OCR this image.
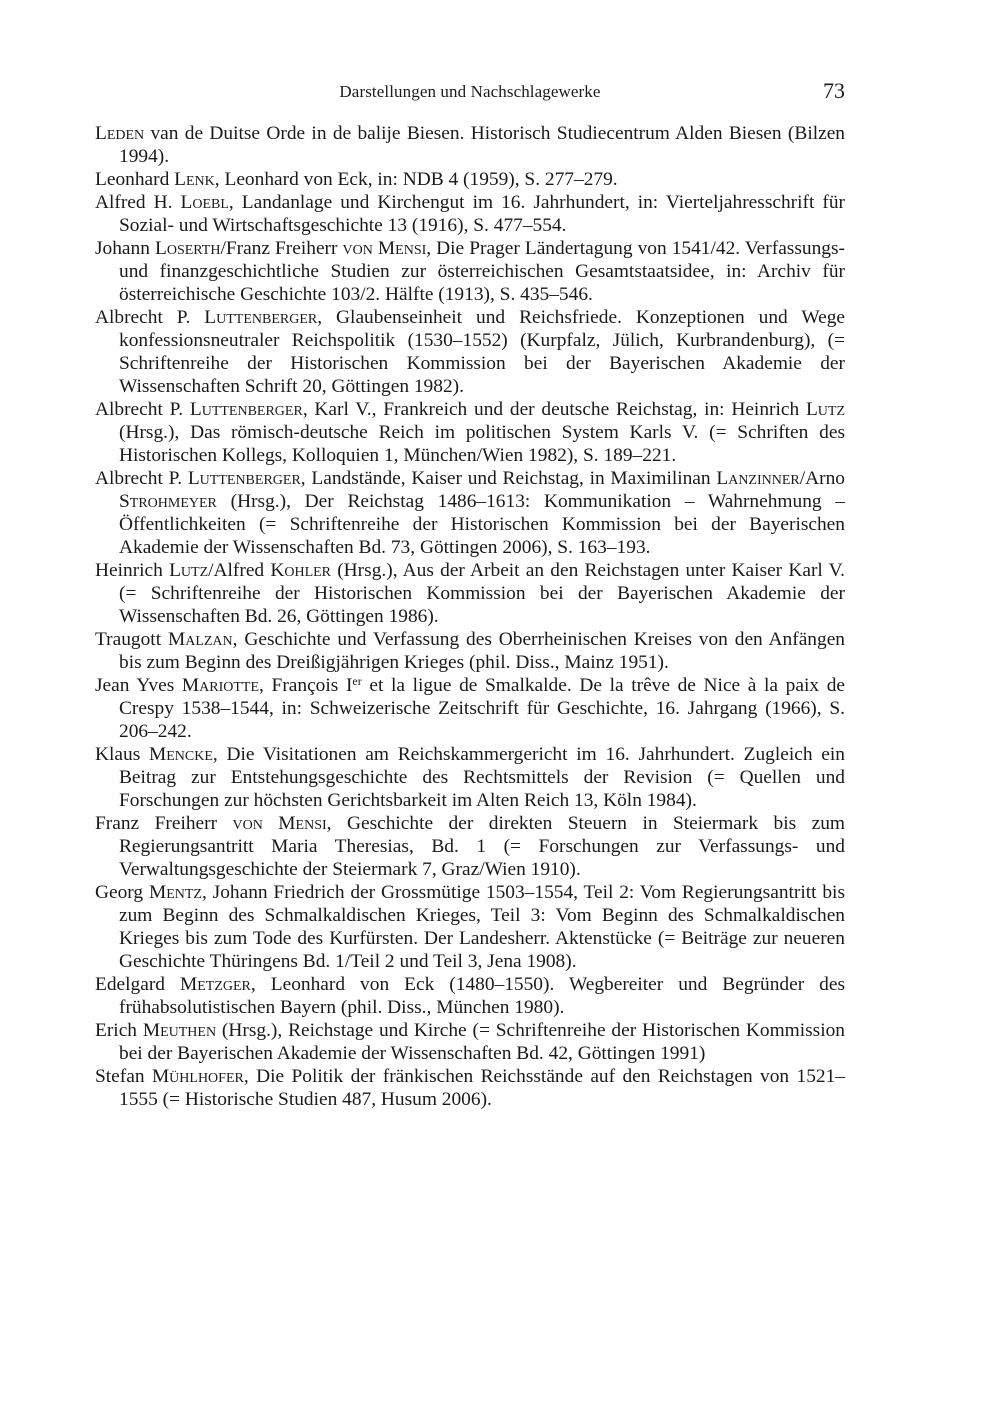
Darstellungen und Nachschlagewerke	73

Leden van de Duitse Orde in de balije Biesen. Historisch Studiecentrum Alden Biesen (Bilzen 1994).

Leonhard Lenk, Leonhard von Eck, in: NDB 4 (1959), S. 277–279.

Alfred H. Loebl, Landanlage und Kirchengut im 16. Jahrhundert, in: Vierteljahresschrift für Sozial- und Wirtschaftsgeschichte 13 (1916), S. 477–554.

Johann Loserth/Franz Freiherr von Mensi, Die Prager Ländertagung von 1541/42. Verfassungs- und finanzgeschichtliche Studien zur österreichischen Gesamtstaatsidee, in: Archiv für österreichische Geschichte 103/2. Hälfte (1913), S. 435–546.

Albrecht P. Luttenberger, Glaubenseinheit und Reichsfriede. Konzeptionen und Wege konfessionsneutraler Reichspolitik (1530–1552) (Kurpfalz, Jülich, Kurbrandenburg), (= Schriftenreihe der Historischen Kommission bei der Bayerischen Akademie der Wissenschaften Schrift 20, Göttingen 1982).

Albrecht P. Luttenberger, Karl V., Frankreich und der deutsche Reichstag, in: Heinrich Lutz (Hrsg.), Das römisch-deutsche Reich im politischen System Karls V. (= Schriften des Historischen Kollegs, Kolloquien 1, München/Wien 1982), S. 189–221.

Albrecht P. Luttenberger, Landstände, Kaiser und Reichstag, in Maximilinan Lanzinner/Arno Strohmeyer (Hrsg.), Der Reichstag 1486–1613: Kommunikation – Wahrnehmung – Öffentlichkeiten (= Schriftenreihe der Historischen Kommission bei der Bayerischen Akademie der Wissenschaften Bd. 73, Göttingen 2006), S. 163–193.

Heinrich Lutz/Alfred Kohler (Hrsg.), Aus der Arbeit an den Reichstagen unter Kaiser Karl V. (= Schriftenreihe der Historischen Kommission bei der Bayerischen Akademie der Wissenschaften Bd. 26, Göttingen 1986).

Traugott Malzan, Geschichte und Verfassung des Oberrheinischen Kreises von den Anfängen bis zum Beginn des Dreißigjährigen Krieges (phil. Diss., Mainz 1951).

Jean Yves Mariotte, François Ier et la ligue de Smalkalde. De la trêve de Nice à la paix de Crespy 1538–1544, in: Schweizerische Zeitschrift für Geschichte, 16. Jahrgang (1966), S. 206–242.

Klaus Mencke, Die Visitationen am Reichskammergericht im 16. Jahrhundert. Zugleich ein Beitrag zur Entstehungsgeschichte des Rechtsmittels der Revision (= Quellen und Forschungen zur höchsten Gerichtsbarkeit im Alten Reich 13, Köln 1984).

Franz Freiherr von Mensi, Geschichte der direkten Steuern in Steiermark bis zum Regierungsantritt Maria Theresias, Bd. 1 (= Forschungen zur Verfassungs- und Verwaltungsgeschichte der Steiermark 7, Graz/Wien 1910).

Georg Mentz, Johann Friedrich der Grossmütige 1503–1554, Teil 2: Vom Regierungsantritt bis zum Beginn des Schmalkaldischen Krieges, Teil 3: Vom Beginn des Schmalkaldischen Krieges bis zum Tode des Kurfürsten. Der Landesherr. Aktenstücke (= Beiträge zur neueren Geschichte Thüringens Bd. 1/Teil 2 und Teil 3, Jena 1908).

Edelgard Metzger, Leonhard von Eck (1480–1550). Wegbereiter und Begründer des frühabsolutistischen Bayern (phil. Diss., München 1980).

Erich Meuthen (Hrsg.), Reichstage und Kirche (= Schriftenreihe der Historischen Kommission bei der Bayerischen Akademie der Wissenschaften Bd. 42, Göttingen 1991)

Stefan Mühlhofer, Die Politik der fränkischen Reichsstände auf den Reichstagen von 1521–1555 (= Historische Studien 487, Husum 2006).
